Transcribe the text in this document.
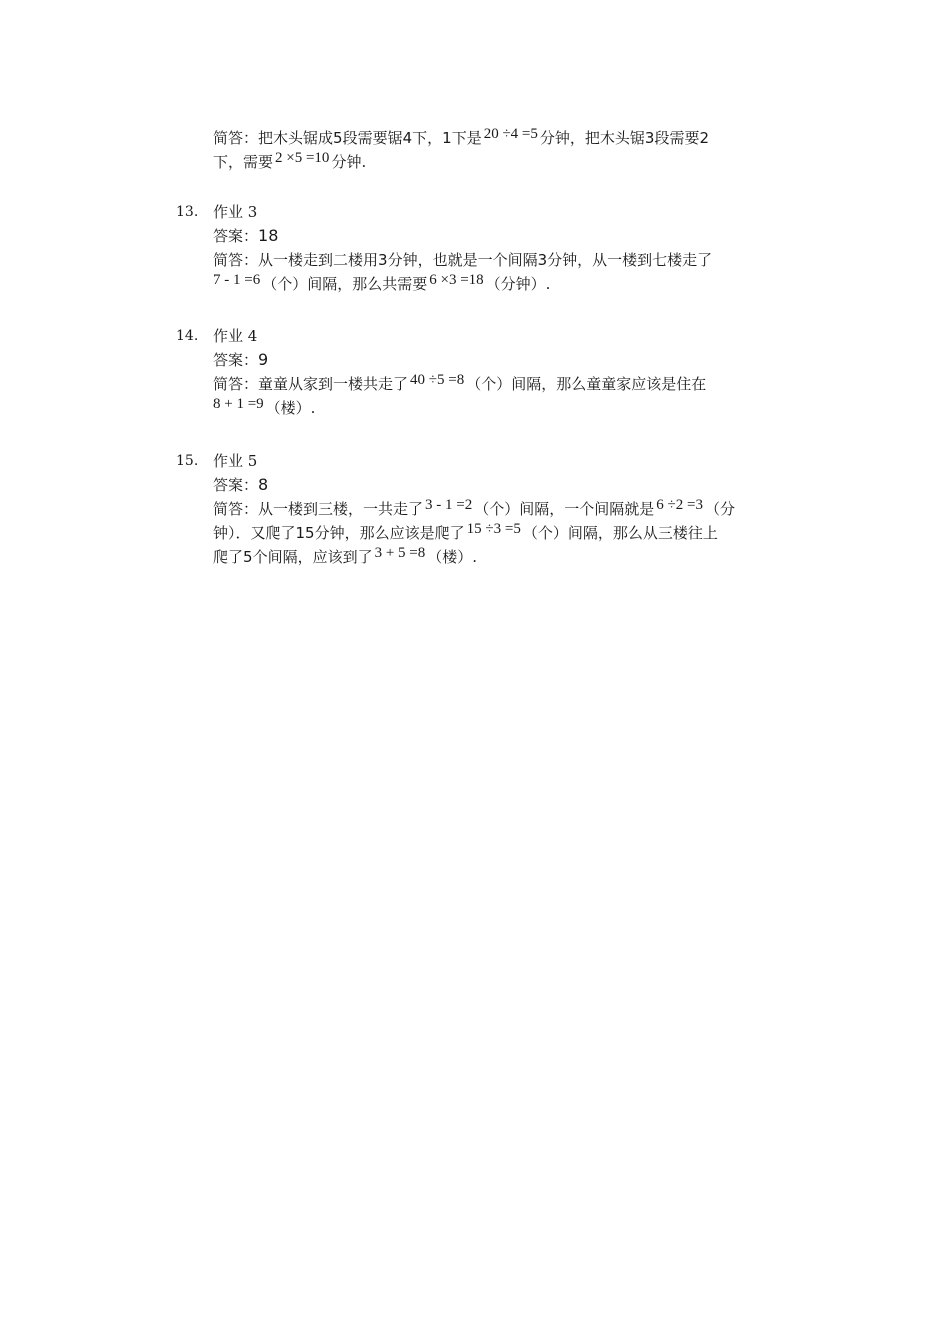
简答：把木头锯成5段需要锯4下，1下是 20 ÷4 =5 分钟，把木头锯3段需要2
下，需要 2 ×5 =10 分钟.
13. 作业 3
答案：18
简答：从一楼走到二楼用3分钟，也就是一个间隔3分钟，从一楼到七楼走了
7 - 1 =6 （个）间隔，那么共需要 6 ×3 =18 （分钟）.
14. 作业 4
答案：9
简答：童童从家到一楼共走了 40 ÷5 =8 （个）间隔，那么童童家应该是住在
8 + 1 =9 （楼）.
15. 作业 5
答案：8
简答：从一楼到三楼，一共走了 3 - 1 =2 （个）间隔，一个间隔就是 6 ÷2 =3 （分
钟）．又爬了15分钟，那么应该是爬了 15 ÷3 =5 （个）间隔，那么从三楼往上
爬了5个间隔，应该到了 3 + 5 =8 （楼）.
